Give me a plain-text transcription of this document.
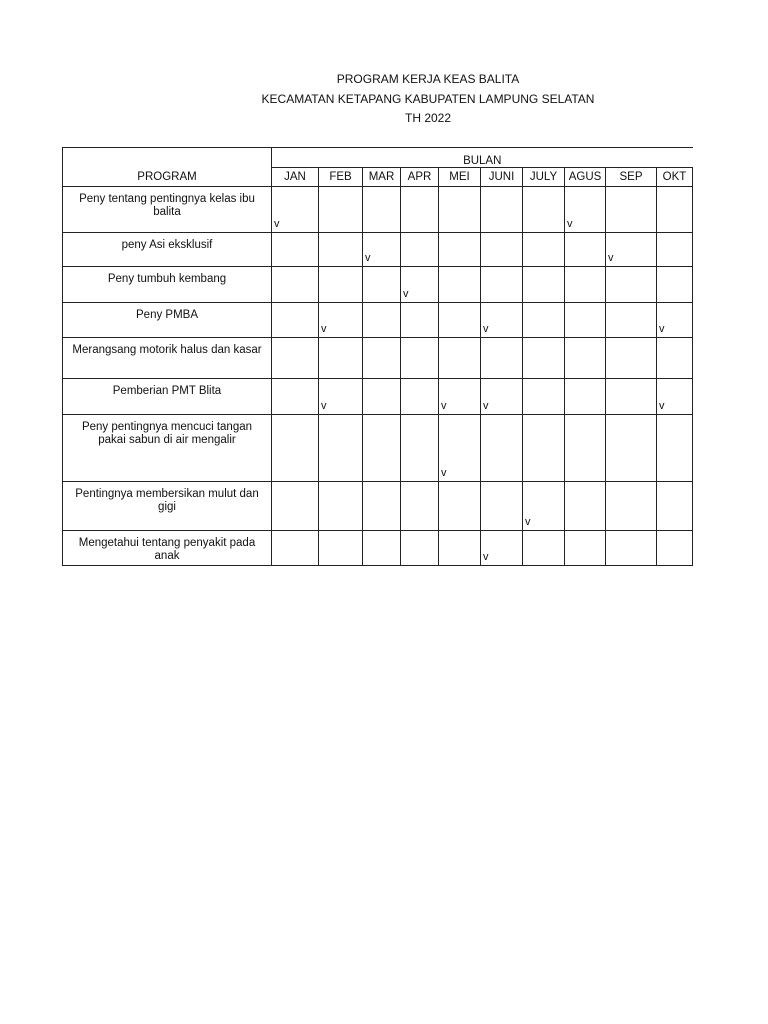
PROGRAM KERJA KEAS BALITA
KECAMATAN KETAPANG KABUPATEN LAMPUNG SELATAN
TH 2022
PROGRAM	BULAN									
	JAN	FEB	MAR	APR	MEI	JUNI	JULY	AGUS	SEP	OKT
Peny tentang pentingnya kelas ibu balita	v							v		
peny Asi eksklusif			v						v	
Peny tumbuh kembang				v						
Peny PMBA		v				v				v
Merangsang motorik halus dan kasar										
Pemberian PMT Blita		v			v	v				v
Peny pentingnya mencuci tangan pakai sabun di air mengalir					v					
Pentingnya membersikan mulut dan gigi							v			
Mengetahui tentang penyakit pada anak						v				
